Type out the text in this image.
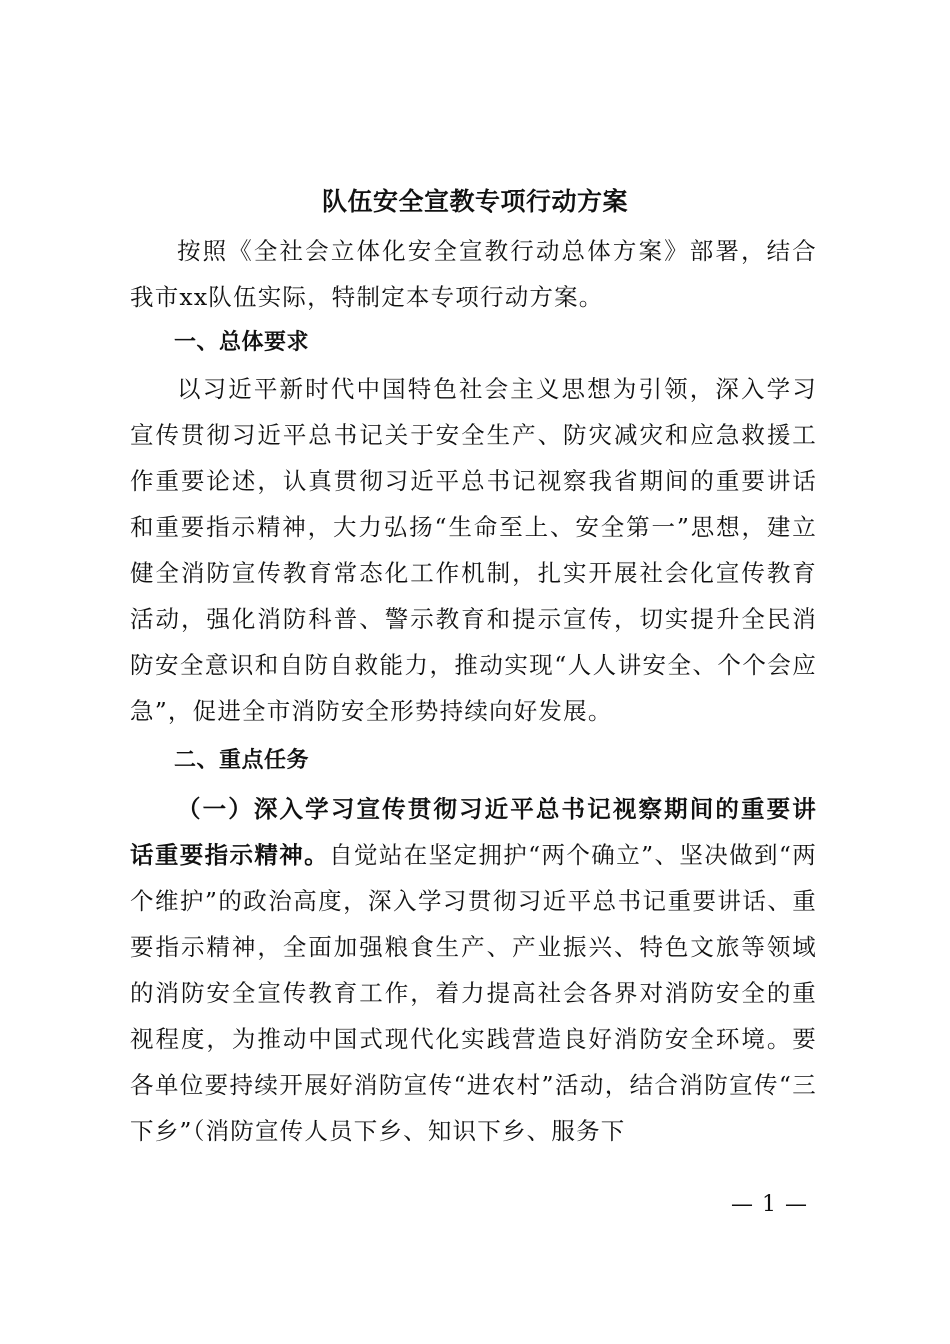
队伍安全宣教专项行动方案

按照《全社会立体化安全宣教行动总体方案》部署，结合我市xx队伍实际，特制定本专项行动方案。

一、总体要求

以习近平新时代中国特色社会主义思想为引领，深入学习宣传贯彻习近平总书记关于安全生产、防灾减灾和应急救援工作重要论述，认真贯彻习近平总书记视察我省期间的重要讲话和重要指示精神，大力弘扬“生命至上、安全第一”思想，建立健全消防宣传教育常态化工作机制，扎实开展社会化宣传教育活动，强化消防科普、警示教育和提示宣传，切实提升全民消防安全意识和自防自救能力，推动实现“人人讲安全、个个会应急”，促进全市消防安全形势持续向好发展。

二、重点任务

（一）深入学习宣传贯彻习近平总书记视察期间的重要讲话重要指示精神。自觉站在坚定拥护“两个确立”、坚决做到“两个维护”的政治高度，深入学习贯彻习近平总书记重要讲话、重要指示精神，全面加强粮食生产、产业振兴、特色文旅等领域的消防安全宣传教育工作，着力提高社会各界对消防安全的重视程度，为推动中国式现代化实践营造良好消防安全环境。要各单位要持续开展好消防宣传“进农村”活动，结合消防宣传“三下乡”（消防宣传人员下乡、知识下乡、服务下

— 1 —
